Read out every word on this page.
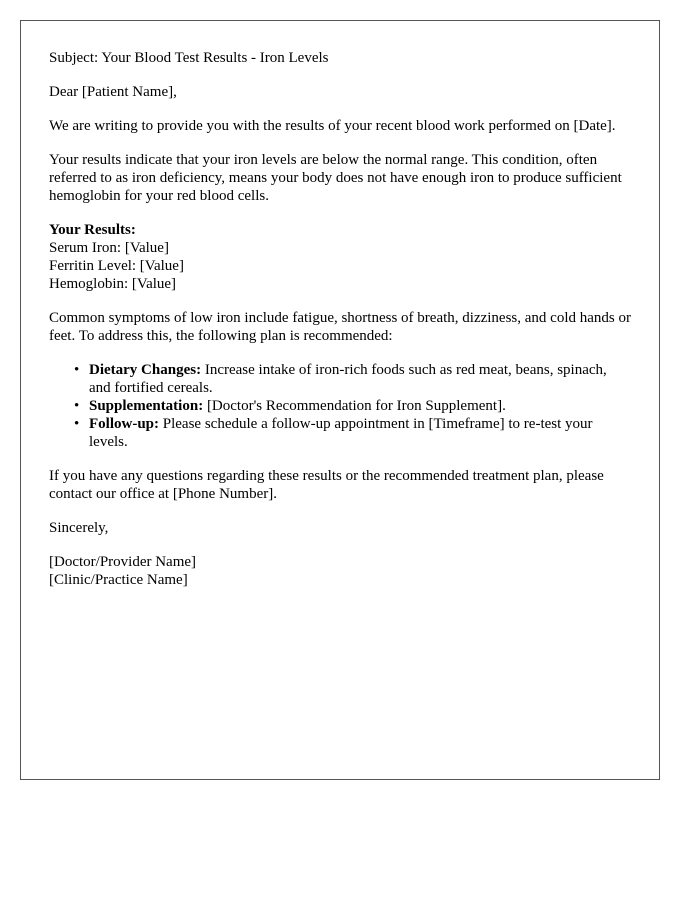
Subject: Your Blood Test Results - Iron Levels

Dear [Patient Name],

We are writing to provide you with the results of your recent blood work performed on [Date].

Your results indicate that your iron levels are below the normal range. This condition, often referred to as iron deficiency, means your body does not have enough iron to produce sufficient hemoglobin for your red blood cells.

Your Results:
Serum Iron: [Value]
Ferritin Level: [Value]
Hemoglobin: [Value]

Common symptoms of low iron include fatigue, shortness of breath, dizziness, and cold hands or feet. To address this, the following plan is recommended:

• Dietary Changes: Increase intake of iron-rich foods such as red meat, beans, spinach, and fortified cereals.
• Supplementation: [Doctor's Recommendation for Iron Supplement].
• Follow-up: Please schedule a follow-up appointment in [Timeframe] to re-test your levels.

If you have any questions regarding these results or the recommended treatment plan, please contact our office at [Phone Number].

Sincerely,

[Doctor/Provider Name]
[Clinic/Practice Name]
